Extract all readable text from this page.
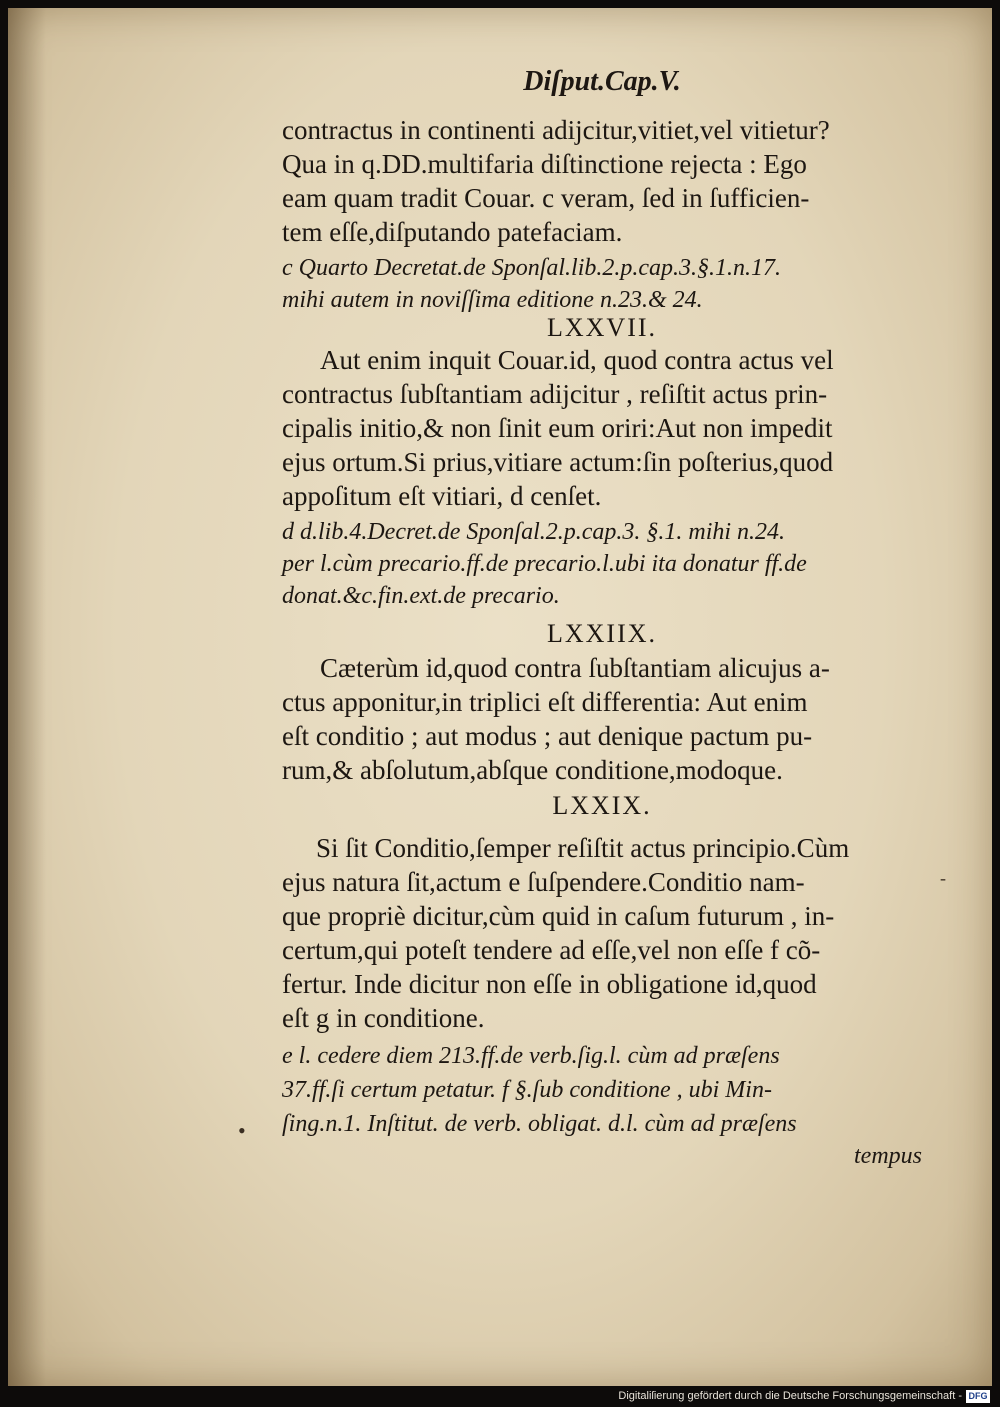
Diſput.Cap.V.
contractus in continenti adijcitur,vitiet,vel vitietur?
Qua in q.DD.multifaria diſtinctione rejecta : Ego
eam quam tradit Couar. c veram, ſed in ſufficien-
tem eſſe,diſputando patefaciam.
c Quarto Decretat.de Sponſal.lib.2.p.cap.3.§.1.n.17.
mihi autem in noviſſima editione n.23.& 24.
LXXVII.
Aut enim inquit Couar.id, quod contra actus vel
contractus ſubſtantiam adijcitur , reſiſtit actus prin-
cipalis initio,& non ſinit eum oriri:Aut non impedit
ejus ortum.Si prius,vitiare actum:ſin poſterius,quod
appoſitum eſt vitiari, d cenſet.
d d.lib.4.Decret.de Sponſal.2.p.cap.3. §.1. mihi n.24.
per l.cùm precario.ff.de precario.l.ubi ita donatur ff.de
donat.&c.fin.ext.de precario.
LXXIIX.
Cæterùm id,quod contra ſubſtantiam alicujus a-
ctus apponitur,in triplici eſt differentia: Aut enim
eſt conditio ; aut modus ; aut denique pactum pu-
rum,& abſolutum,abſque conditione,modoque.
LXXIX.
Si ſit Conditio,ſemper reſiſtit actus principio.Cùm
ejus natura ſit,actum e ſuſpendere.Conditio nam-
que propriè dicitur,cùm quid in caſum futurum , in-
certum,qui poteſt tendere ad eſſe,vel non eſſe f cõ-
fertur. Inde dicitur non eſſe in obligatione id,quod
eſt g in conditione.
e l. cedere diem 213.ff.de verb.ſig.l. cùm ad præſens
37.ff.ſi certum petatur. f §.ſub conditione , ubi Min-
ſing.n.1. Inſtitut. de verb. obligat. d.l. cùm ad præſens
tempus
•
-
Digitaliſierung gefördert durch die Deutsche Forschungsgemeinschaft - DFG
